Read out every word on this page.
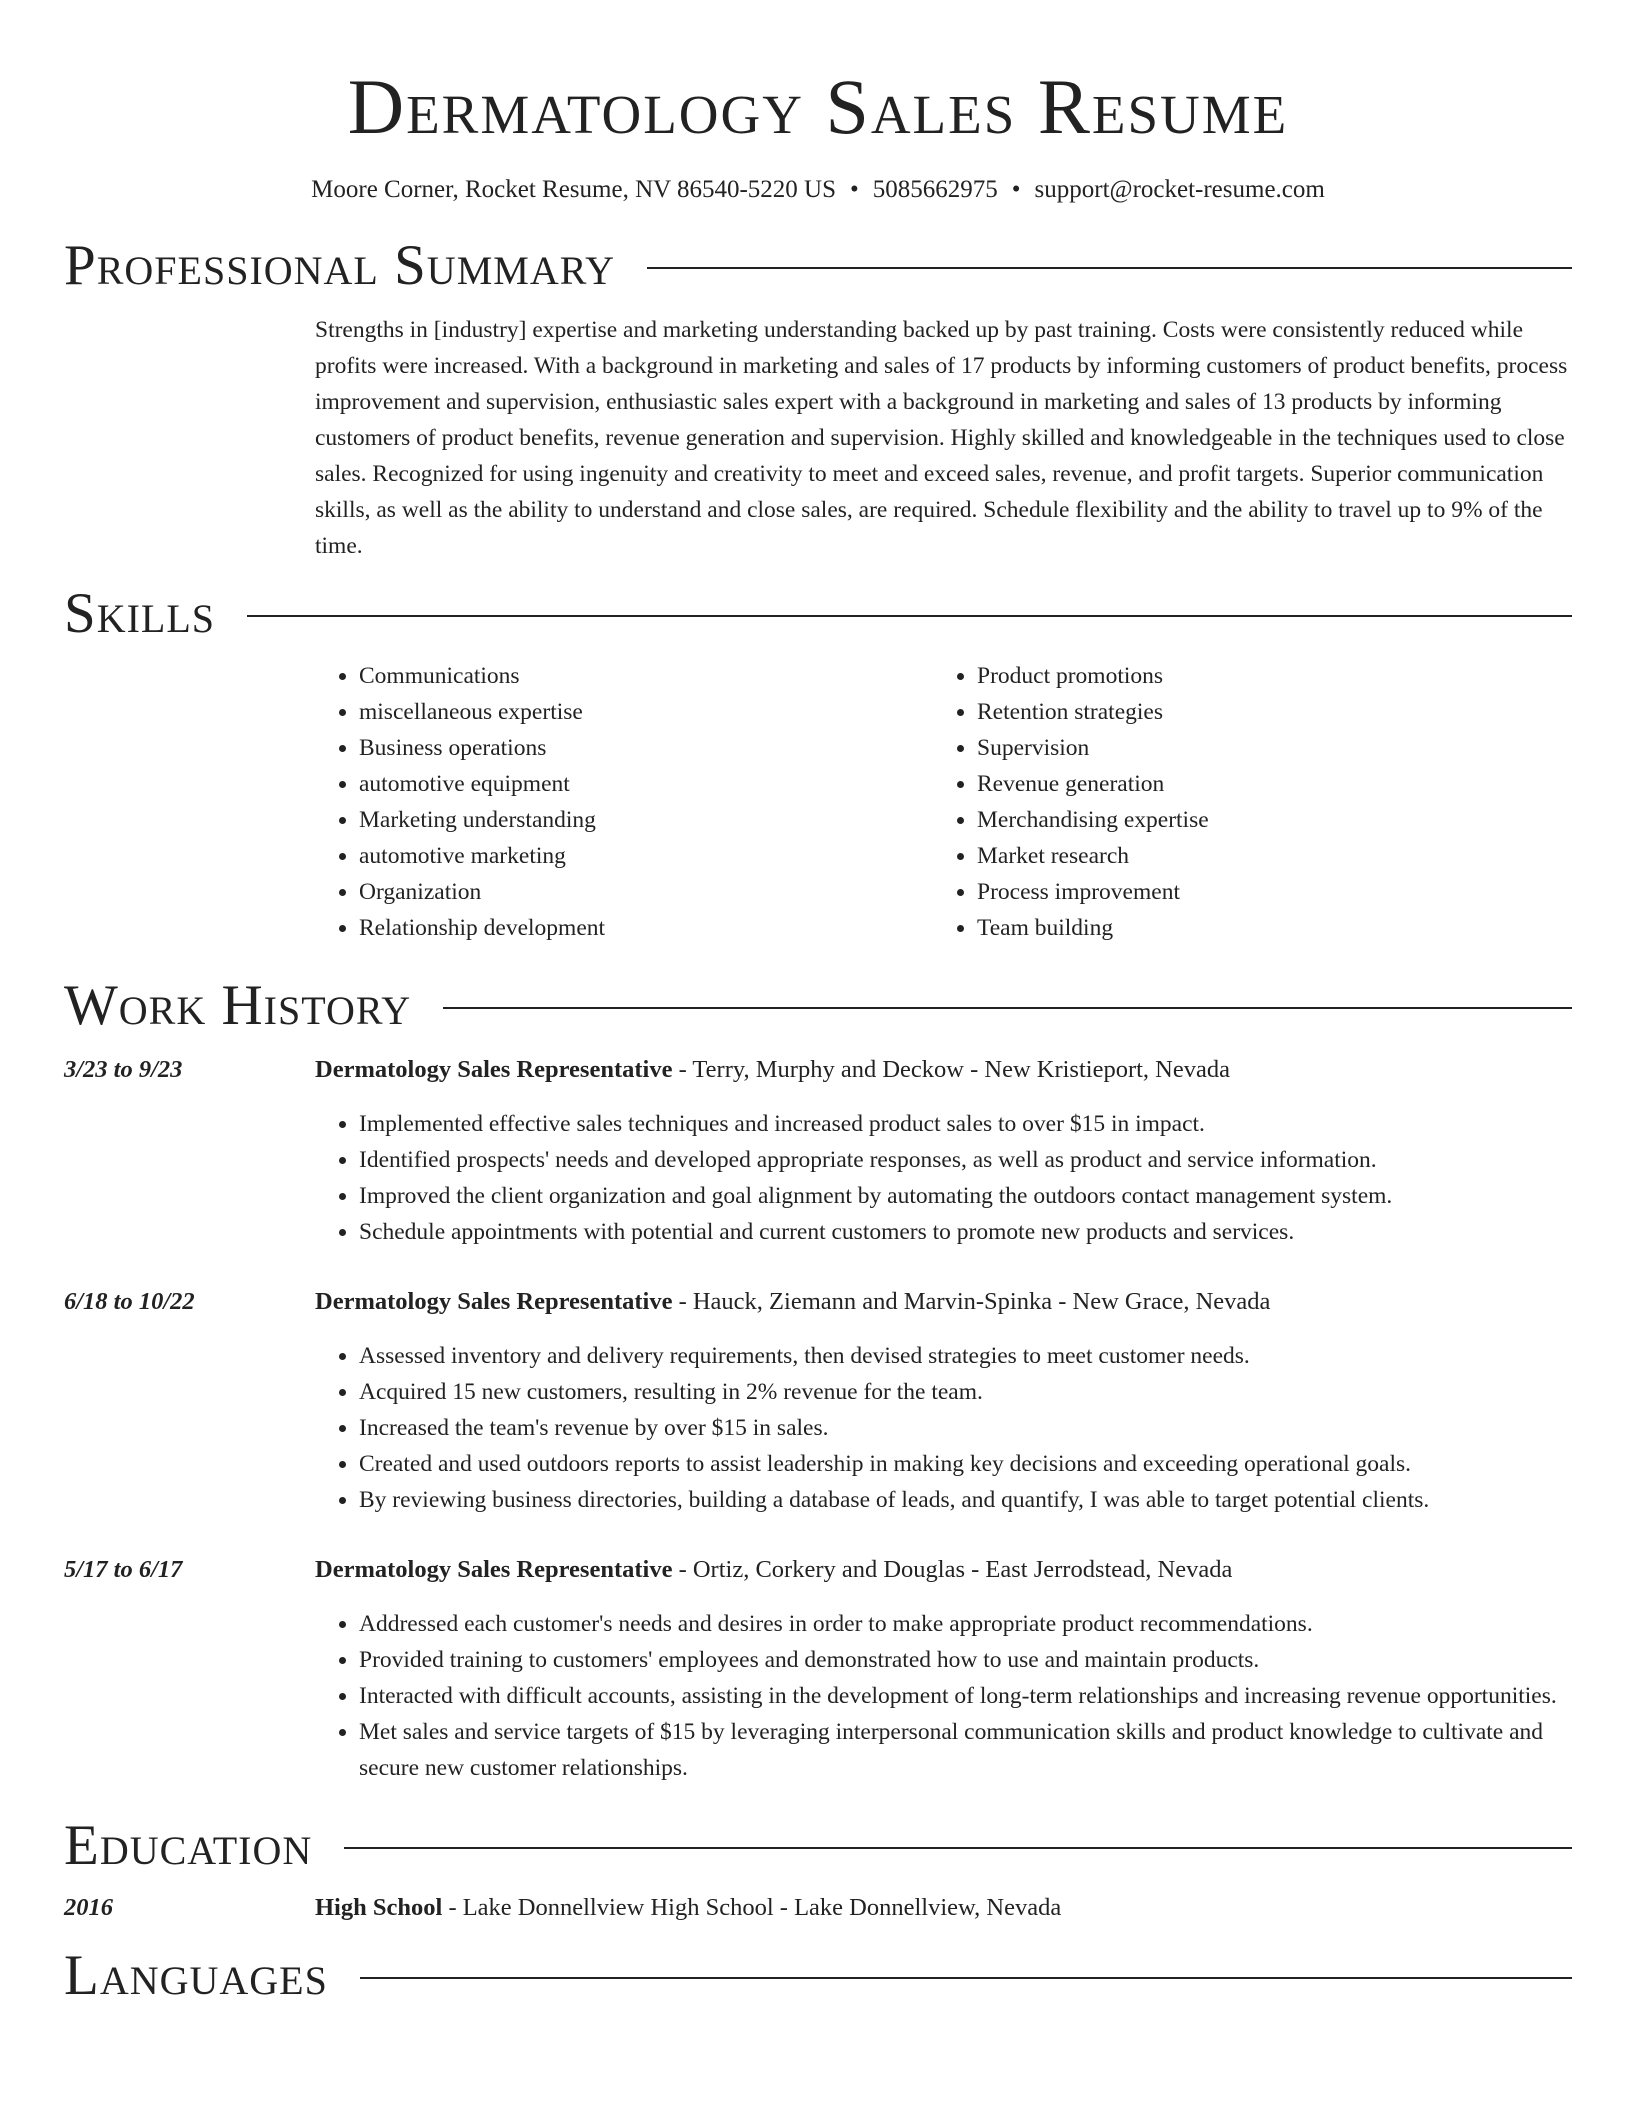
Dermatology Sales Resume
Moore Corner, Rocket Resume, NV 86540-5220 US • 5085662975 • support@rocket-resume.com
Professional Summary

Strengths in [industry] expertise and marketing understanding backed up by past training. Costs were consistently reduced while profits were increased. With a background in marketing and sales of 17 products by informing customers of product benefits, process improvement and supervision, enthusiastic sales expert with a background in marketing and sales of 13 products by informing customers of product benefits, revenue generation and supervision. Highly skilled and knowledgeable in the techniques used to close sales. Recognized for using ingenuity and creativity to meet and exceed sales, revenue, and profit targets. Superior communication skills, as well as the ability to understand and close sales, are required. Schedule flexibility and the ability to travel up to 9% of the time.

Skills
• Communications
• miscellaneous expertise
• Business operations
• automotive equipment
• Marketing understanding
• automotive marketing
• Organization
• Relationship development
• Product promotions
• Retention strategies
• Supervision
• Revenue generation
• Merchandising expertise
• Market research
• Process improvement
• Team building
Work History
3/23 to 9/23	Dermatology Sales Representative - Terry, Murphy and Deckow - New Kristieport, Nevada
• Implemented effective sales techniques and increased product sales to over $15 in impact.
• Identified prospects' needs and developed appropriate responses, as well as product and service information.
• Improved the client organization and goal alignment by automating the outdoors contact management system.
• Schedule appointments with potential and current customers to promote new products and services.
6/18 to 10/22	Dermatology Sales Representative - Hauck, Ziemann and Marvin-Spinka - New Grace, Nevada
• Assessed inventory and delivery requirements, then devised strategies to meet customer needs.
• Acquired 15 new customers, resulting in 2% revenue for the team.
• Increased the team's revenue by over $15 in sales.
• Created and used outdoors reports to assist leadership in making key decisions and exceeding operational goals.
• By reviewing business directories, building a database of leads, and quantify, I was able to target potential clients.
5/17 to 6/17	Dermatology Sales Representative - Ortiz, Corkery and Douglas - East Jerrodstead, Nevada
• Addressed each customer's needs and desires in order to make appropriate product recommendations.
• Provided training to customers' employees and demonstrated how to use and maintain products.
• Interacted with difficult accounts, assisting in the development of long-term relationships and increasing revenue opportunities.
• Met sales and service targets of $15 by leveraging interpersonal communication skills and product knowledge to cultivate and secure new customer relationships.
Education
2016	High School - Lake Donnellview High School - Lake Donnellview, Nevada
Languages
